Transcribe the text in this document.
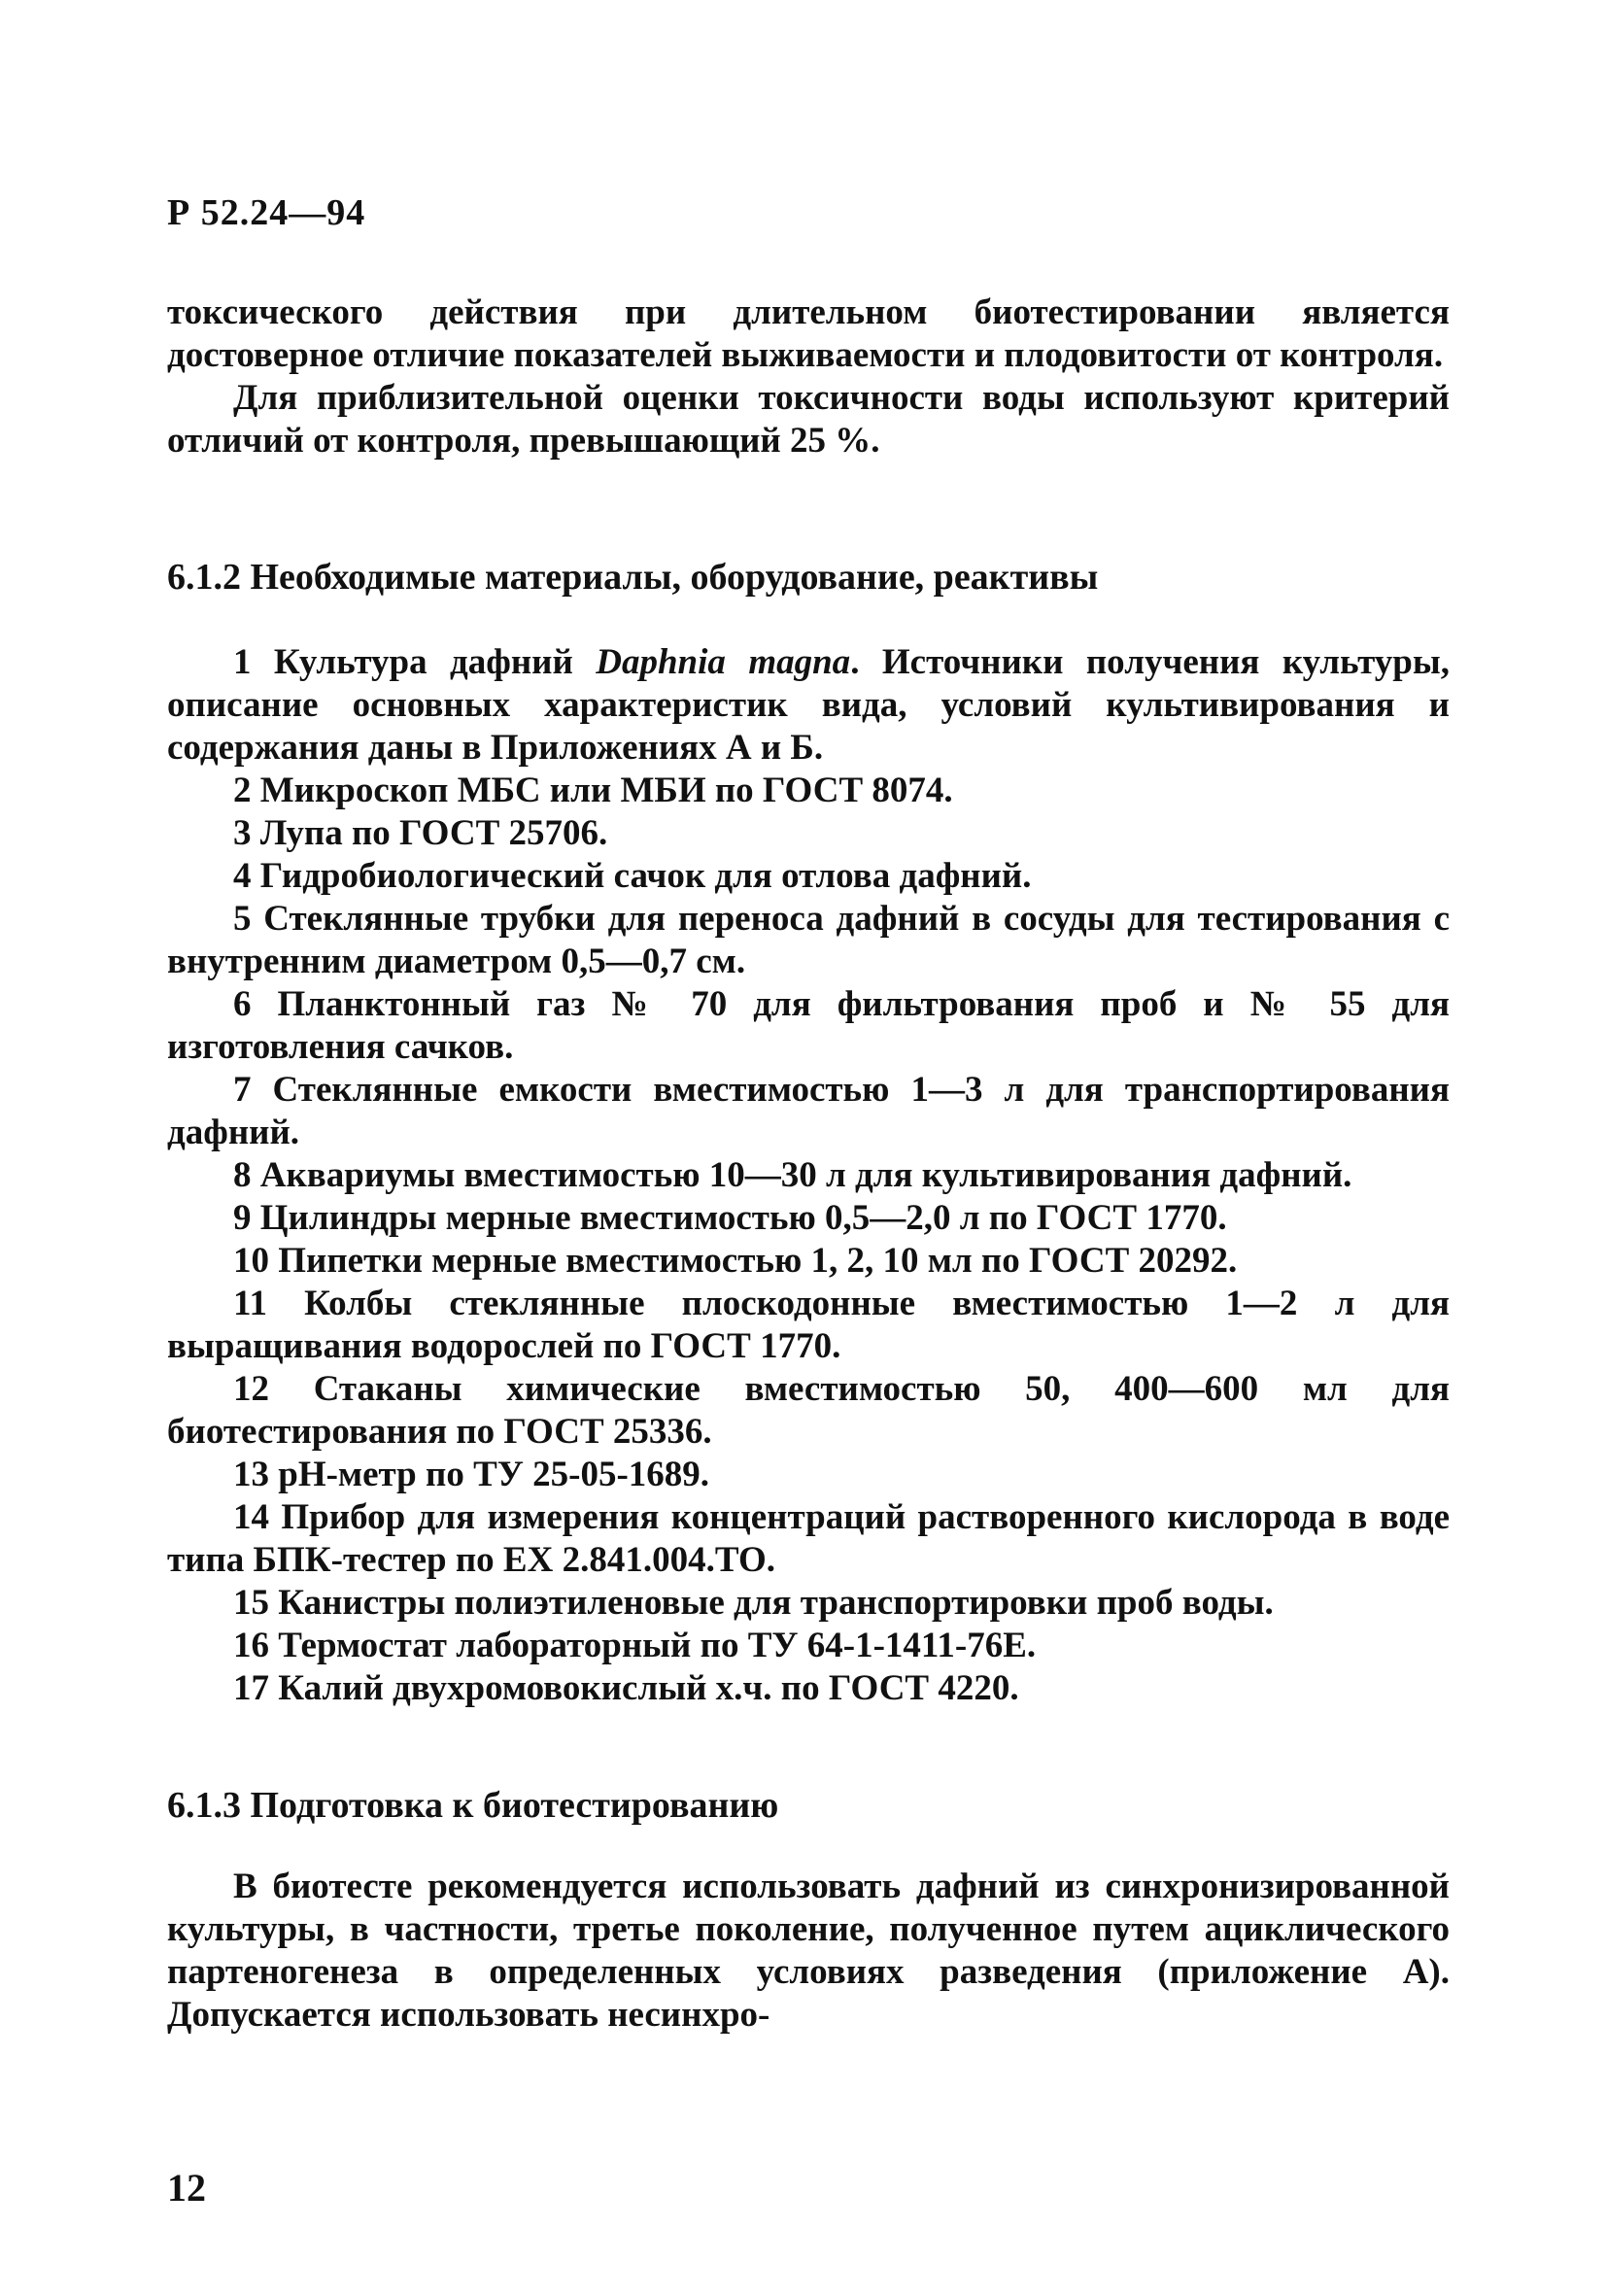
Р 52.24—94

токсического действия при длительном биотестировании является достоверное отличие показателей выживаемости и плодовитости от контроля.

Для приблизительной оценки токсичности воды используют критерий отличий от контроля, превышающий 25 %.

6.1.2 Необходимые материалы, оборудование, реактивы

1 Культура дафний Daphnia magna. Источники получения культуры, описание основных характеристик вида, условий культивирования и содержания даны в Приложениях А и Б.

2 Микроскоп МБС или МБИ по ГОСТ 8074.

3 Лупа по ГОСТ 25706.

4 Гидробиологический сачок для отлова дафний.

5 Стеклянные трубки для переноса дафний в сосуды для тестирования с внутренним диаметром 0,5—0,7 см.

6 Планктонный газ № 70 для фильтрования проб и № 55 для изготовления сачков.

7 Стеклянные емкости вместимостью 1—3 л для транспортирования дафний.

8 Аквариумы вместимостью 10—30 л для культивирования дафний.

9 Цилиндры мерные вместимостью 0,5—2,0 л по ГОСТ 1770.

10 Пипетки мерные вместимостью 1, 2, 10 мл по ГОСТ 20292.

11 Колбы стеклянные плоскодонные вместимостью 1—2 л для выращивания водорослей по ГОСТ 1770.

12 Стаканы химические вместимостью 50, 400—600 мл для биотестирования по ГОСТ 25336.

13 pH-метр по ТУ 25-05-1689.

14 Прибор для измерения концентраций растворенного кислорода в воде типа БПК-тестер по ЕХ 2.841.004.ТО.

15 Канистры полиэтиленовые для транспортировки проб воды.

16 Термостат лабораторный по ТУ 64-1-1411-76Е.

17 Калий двухромовокислый х.ч. по ГОСТ 4220.

6.1.3 Подготовка к биотестированию

В биотесте рекомендуется использовать дафний из синхронизированной культуры, в частности, третье поколение, полученное путем ациклического партеногенеза в определенных условиях разведения (приложение А). Допускается использовать несинхро-

12
